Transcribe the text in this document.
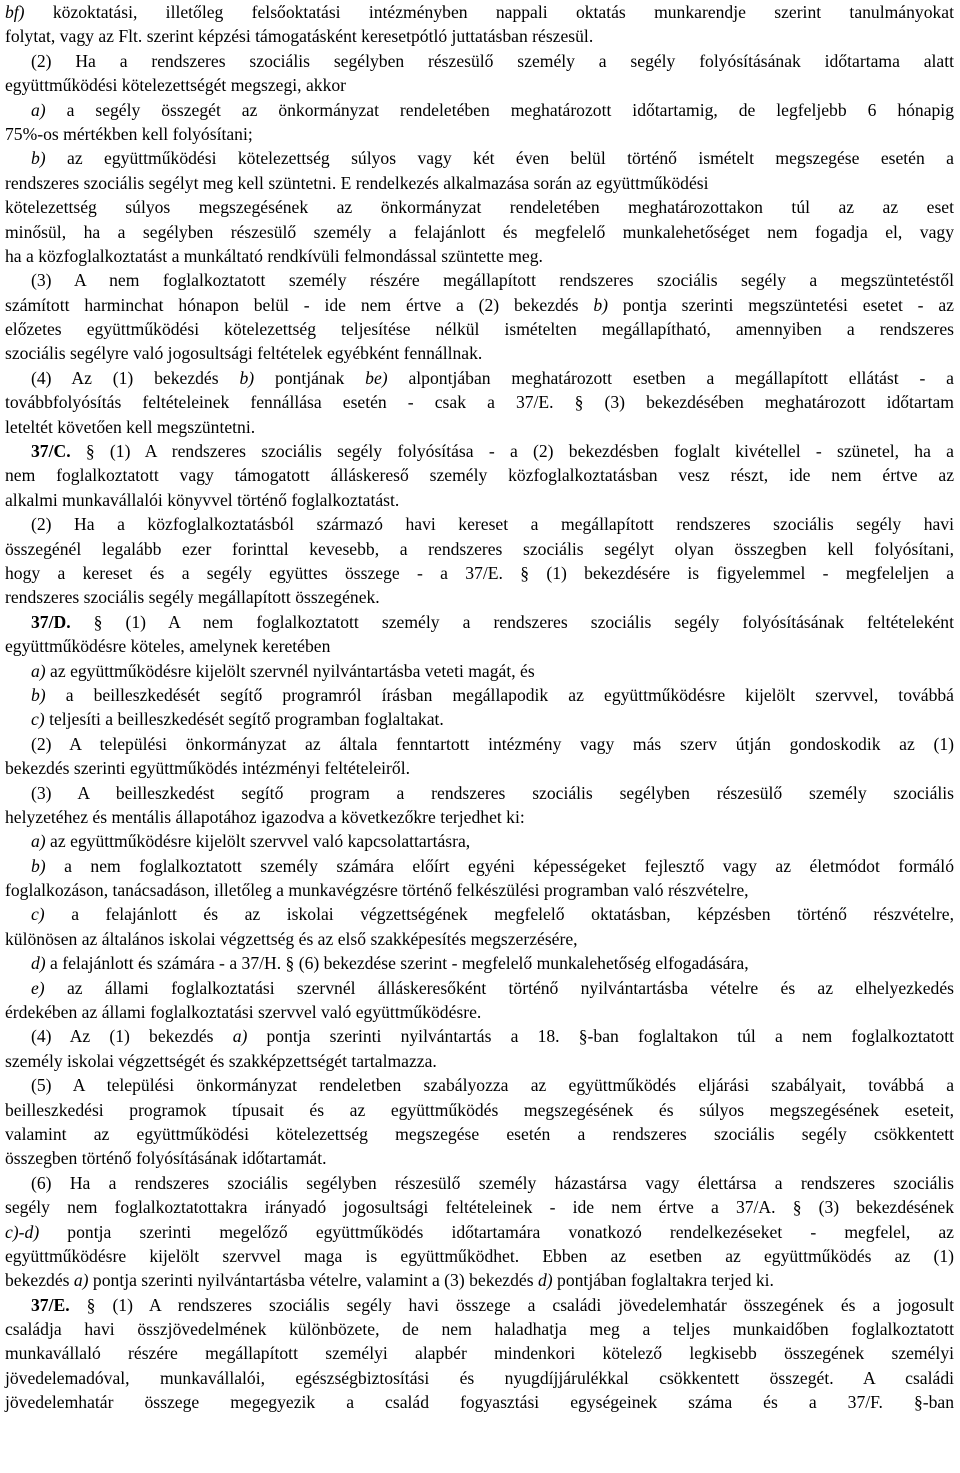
bf) közoktatási, illetőleg felsőoktatási intézményben nappali oktatás munkarendje szerint tanulmányokat
folytat, vagy az Flt. szerint képzési támogatásként keresetpótló juttatásban részesül.
(2) Ha a rendszeres szociális segélyben részesülő személy a segély folyósításának időtartama alatt
együttműködési kötelezettségét megszegi, akkor
a) a segély összegét az önkormányzat rendeletében meghatározott időtartamig, de legfeljebb 6 hónapig
75%-os mértékben kell folyósítani;
b) az együttműködési kötelezettség súlyos vagy két éven belül történő ismételt megszegése esetén a
rendszeres szociális segélyt meg kell szüntetni. E rendelkezés alkalmazása során az együttműködési
kötelezettség súlyos megszegésének az önkormányzat rendeletében meghatározottakon túl az az eset
minősül, ha a segélyben részesülő személy a felajánlott és megfelelő munkalehetőséget nem fogadja el, vagy
ha a közfoglalkoztatást a munkáltató rendkívüli felmondással szüntette meg.
(3) A nem foglalkoztatott személy részére megállapított rendszeres szociális segély a megszüntetéstől
számított harminchat hónapon belül - ide nem értve a (2) bekezdés b) pontja szerinti megszüntetési esetet - az
előzetes együttműködési kötelezettség teljesítése nélkül ismételten megállapítható, amennyiben a rendszeres
szociális segélyre való jogosultsági feltételek egyébként fennállnak.
(4) Az (1) bekezdés b) pontjának be) alpontjában meghatározott esetben a megállapított ellátást - a
továbbfolyósítás feltételeinek fennállása esetén - csak a 37/E. § (3) bekezdésében meghatározott időtartam
leteltét követően kell megszüntetni.
37/C. § (1) A rendszeres szociális segély folyósítása - a (2) bekezdésben foglalt kivétellel - szünetel, ha a
nem foglalkoztatott vagy támogatott álláskereső személy közfoglalkoztatásban vesz részt, ide nem értve az
alkalmi munkavállalói könyvvel történő foglalkoztatást.
(2) Ha a közfoglalkoztatásból származó havi kereset a megállapított rendszeres szociális segély havi
összegénél legalább ezer forinttal kevesebb, a rendszeres szociális segélyt olyan összegben kell folyósítani,
hogy a kereset és a segély együttes összege - a 37/E. § (1) bekezdésére is figyelemmel - megfeleljen a
rendszeres szociális segély megállapított összegének.
37/D. § (1) A nem foglalkoztatott személy a rendszeres szociális segély folyósításának feltételeként
együttműködésre köteles, amelynek keretében
a) az együttműködésre kijelölt szervnél nyilvántartásba veteti magát, és
b) a beilleszkedését segítő programról írásban megállapodik az együttműködésre kijelölt szervvel, továbbá
c) teljesíti a beilleszkedését segítő programban foglaltakat.
(2) A települési önkormányzat az általa fenntartott intézmény vagy más szerv útján gondoskodik az (1)
bekezdés szerinti együttműködés intézményi feltételeiről.
(3) A beilleszkedést segítő program a rendszeres szociális segélyben részesülő személy szociális
helyzetéhez és mentális állapotához igazodva a következőkre terjedhet ki:
a) az együttműködésre kijelölt szervvel való kapcsolattartásra,
b) a nem foglalkoztatott személy számára előírt egyéni képességeket fejlesztő vagy az életmódot formáló
foglalkozáson, tanácsadáson, illetőleg a munkavégzésre történő felkészülési programban való részvételre,
c) a felajánlott és az iskolai végzettségének megfelelő oktatásban, képzésben történő részvételre,
különösen az általános iskolai végzettség és az első szakképesítés megszerzésére,
d) a felajánlott és számára - a 37/H. § (6) bekezdése szerint - megfelelő munkalehetőség elfogadására,
e) az állami foglalkoztatási szervnél álláskeresőként történő nyilvántartásba vételre és az elhelyezkedés
érdekében az állami foglalkoztatási szervvel való együttműködésre.
(4) Az (1) bekezdés a) pontja szerinti nyilvántartás a 18. §-ban foglaltakon túl a nem foglalkoztatott
személy iskolai végzettségét és szakképzettségét tartalmazza.
(5) A települési önkormányzat rendeletben szabályozza az együttműködés eljárási szabályait, továbbá a
beilleszkedési programok típusait és az együttműködés megszegésének és súlyos megszegésének eseteit,
valamint az együttműködési kötelezettség megszegése esetén a rendszeres szociális segély csökkentett
összegben történő folyósításának időtartamát.
(6) Ha a rendszeres szociális segélyben részesülő személy házastársa vagy élettársa a rendszeres szociális
segély nem foglalkoztatottakra irányadó jogosultsági feltételeinek - ide nem értve a 37/A. § (3) bekezdésének
c)-d) pontja szerinti megelőző együttműködés időtartamára vonatkozó rendelkezéseket - megfelel, az
együttműködésre kijelölt szervvel maga is együttműködhet. Ebben az esetben az együttműködés az (1)
bekezdés a) pontja szerinti nyilvántartásba vételre, valamint a (3) bekezdés d) pontjában foglaltakra terjed ki.
37/E. § (1) A rendszeres szociális segély havi összege a családi jövedelemhatár összegének és a jogosult
családja havi összjövedelmének különbözete, de nem haladhatja meg a teljes munkaidőben foglalkoztatott
munkavállaló részére megállapított személyi alapbér mindenkori kötelező legkisebb összegének személyi
jövedelemadóval, munkavállalói, egészségbiztosítási és nyugdíjjárulékkal csökkentett összegét. A családi
jövedelemhatár összege megegyezik a család fogyasztási egységeinek száma és a 37/F. §-ban
